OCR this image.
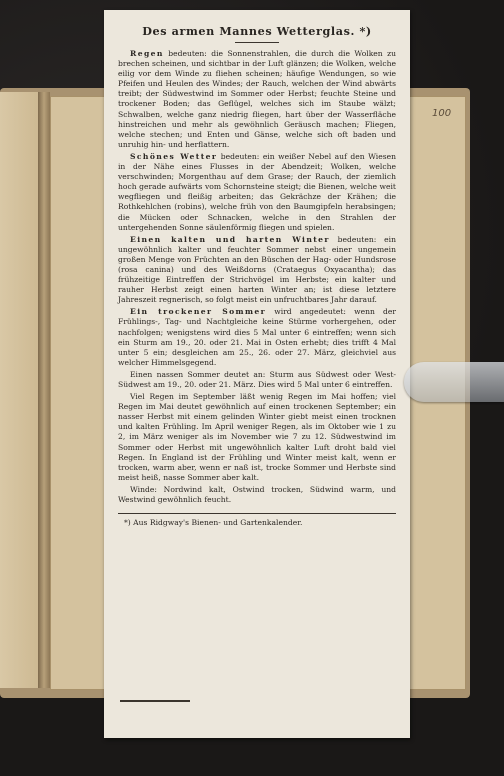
100
Des armen Mannes Wetterglas. *)

Regen bedeuten: die Sonnenstrahlen, die durch die Wolken zu brechen scheinen, und sichtbar in der Luft glänzen; die Wolken, welche eilig vor dem Winde zu fliehen scheinen; häufige Wendungen, so wie Pfeifen und Heulen des Windes; der Rauch, welchen der Wind abwärts treibt; der Südwestwind im Sommer oder Herbst; feuchte Steine und trockener Boden; das Geflügel, welches sich im Staube wälzt; Schwalben, welche ganz niedrig fliegen, hart über der Wasserfläche hinstreichen und mehr als gewöhnlich Geräusch machen; Fliegen, welche stechen; und Enten und Gänse, welche sich oft baden und unruhig hin- und herflattern.

Schönes Wetter bedeuten: ein weißer Nebel auf den Wiesen in der Nähe eines Flusses in der Abendzeit; Wolken, welche verschwinden; Morgenthau auf dem Grase; der Rauch, der ziemlich hoch gerade aufwärts vom Schornsteine steigt; die Bienen, welche weit wegfliegen und fleißig arbeiten; das Gekrächze der Krähen; die Rothkehlchen (robins), welche früh von den Baumgipfeln herabsingen; die Mücken oder Schnacken, welche in den Strahlen der untergehenden Sonne säulenförmig fliegen und spielen.

Einen kalten und harten Winter bedeuten: ein ungewöhnlich kalter und feuchter Sommer nebst einer ungemein großen Menge von Früchten an den Büschen der Hag- oder Hundsrose (rosa canina) und des Weißdorns (Crataegus Oxyacantha); das frühzeitige Eintreffen der Strichvögel im Herbste; ein kalter und rauher Herbst zeigt einen harten Winter an; ist diese letztere Jahreszeit regnerisch, so folgt meist ein unfruchtbares Jahr darauf.

Ein trockener Sommer wird angedeutet: wenn der Frühlings-, Tag- und Nachtgleiche keine Stürme vorhergehen, oder nachfolgen; wenigstens wird dies 5 Mal unter 6 eintreffen; wenn sich ein Sturm am 19., 20. oder 21. Mai in Osten erhebt; dies trifft 4 Mal unter 5 ein; desgleichen am 25., 26. oder 27. März, gleichviel aus welcher Himmelsgegend.

Einen nassen Sommer deutet an: Sturm aus Südwest oder West-Südwest am 19., 20. oder 21. März. Dies wird 5 Mal unter 6 eintreffen.

Viel Regen im September läßt wenig Regen im Mai hoffen; viel Regen im Mai deutet gewöhnlich auf einen trockenen September; ein nasser Herbst mit einem gelinden Winter giebt meist einen trocknen und kalten Frühling. Im April weniger Regen, als im Oktober wie 1 zu 2, im März weniger als im November wie 7 zu 12. Südwestwind im Sommer oder Herbst mit ungewöhnlich kalter Luft droht bald viel Regen. In England ist der Frühling und Winter meist kalt, wenn er trocken, warm aber, wenn er naß ist, trocke Sommer und Herbste sind meist heiß, nasse Sommer aber kalt.

Winde: Nordwind kalt, Ostwind trocken, Südwind warm, und Westwind gewöhnlich feucht.

*) Aus Ridgway's Bienen- und Gartenkalender.
